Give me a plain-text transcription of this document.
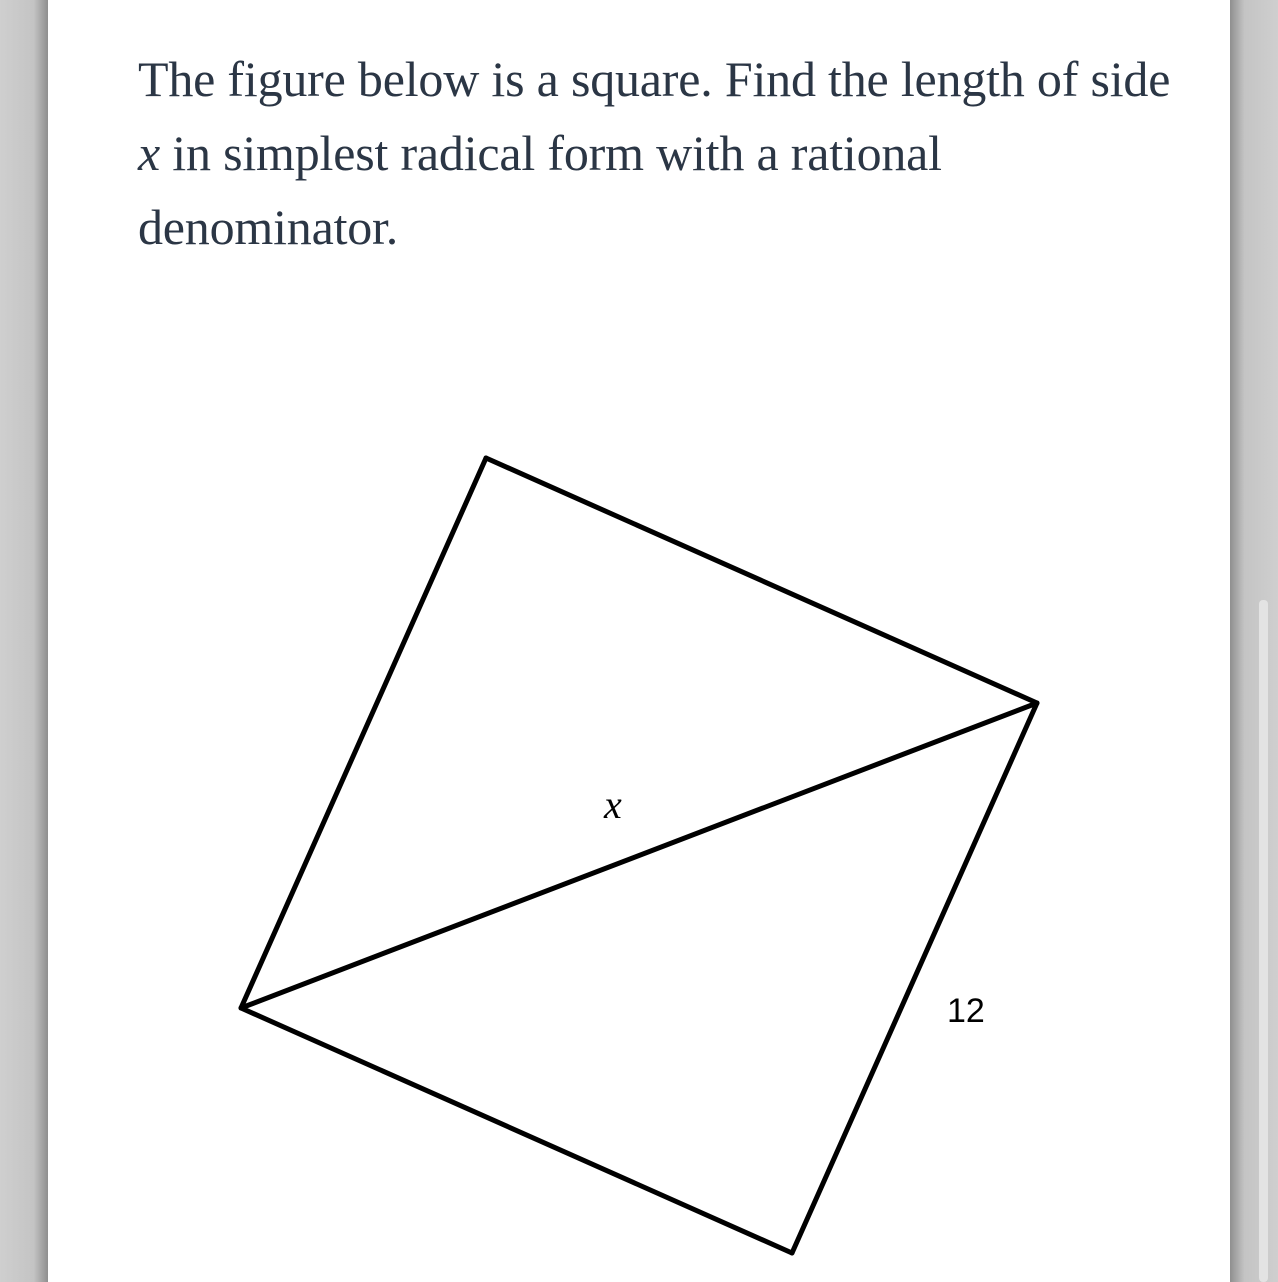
The figure below is a square. Find the length of side x in simplest radical form with a rational denominator.

x
12
